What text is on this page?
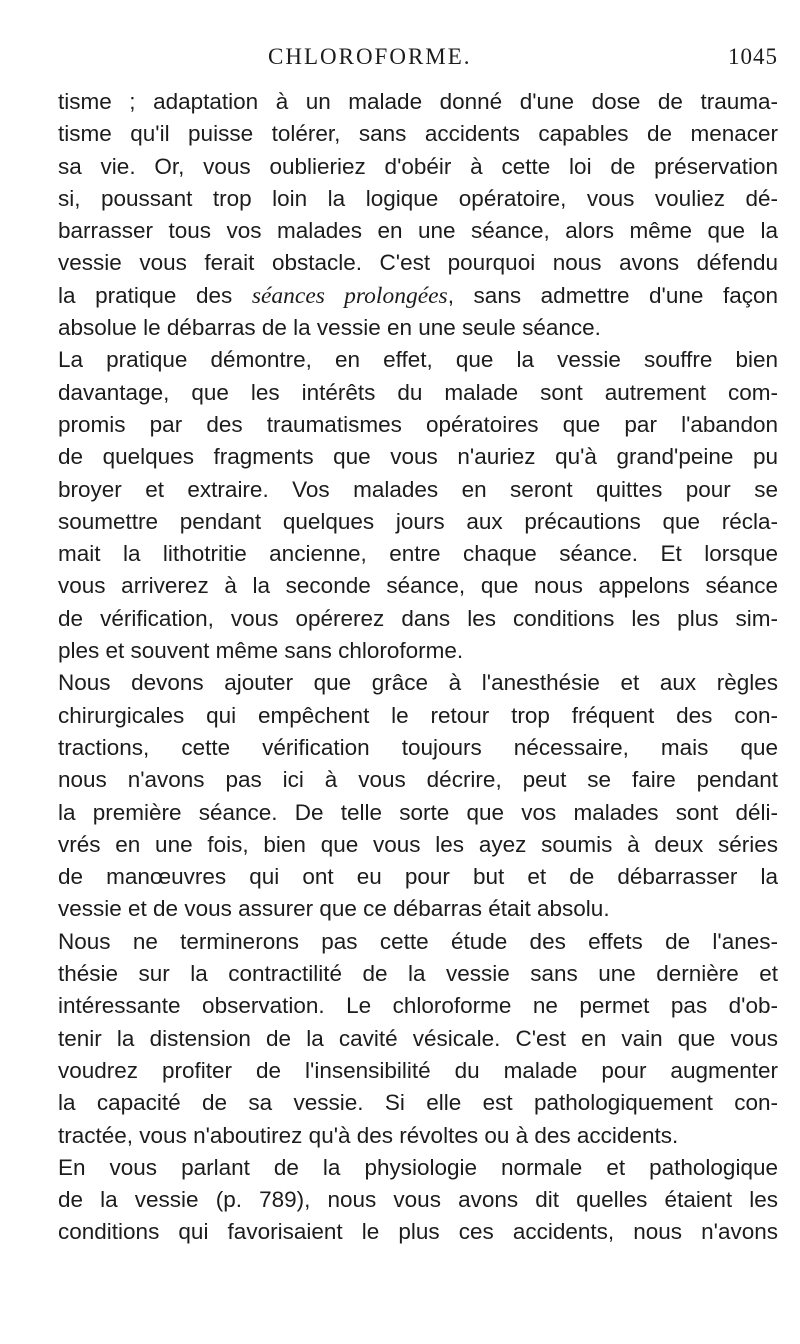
CHLOROFORME.	1045
tisme ; adaptation à un malade donné d'une dose de trauma-
tisme qu'il puisse tolérer, sans accidents capables de menacer
sa vie. Or, vous oublieriez d'obéir à cette loi de préservation
si, poussant trop loin la logique opératoire, vous vouliez dé-
barrasser tous vos malades en une séance, alors même que la
vessie vous ferait obstacle. C'est pourquoi nous avons défendu
la pratique des séances prolongées, sans admettre d'une façon
absolue le débarras de la vessie en une seule séance.
La pratique démontre, en effet, que la vessie souffre bien
davantage, que les intérêts du malade sont autrement com-
promis par des traumatismes opératoires que par l'abandon
de quelques fragments que vous n'auriez qu'à grand'peine pu
broyer et extraire. Vos malades en seront quittes pour se
soumettre pendant quelques jours aux précautions que récla-
mait la lithotritie ancienne, entre chaque séance. Et lorsque
vous arriverez à la seconde séance, que nous appelons séance
de vérification, vous opérerez dans les conditions les plus sim-
ples et souvent même sans chloroforme.
Nous devons ajouter que grâce à l'anesthésie et aux règles
chirurgicales qui empêchent le retour trop fréquent des con-
tractions, cette vérification toujours nécessaire, mais que
nous n'avons pas ici à vous décrire, peut se faire pendant
la première séance. De telle sorte que vos malades sont déli-
vrés en une fois, bien que vous les ayez soumis à deux séries
de manœuvres qui ont eu pour but et de débarrasser la
vessie et de vous assurer que ce débarras était absolu.
Nous ne terminerons pas cette étude des effets de l'anes-
thésie sur la contractilité de la vessie sans une dernière et
intéressante observation. Le chloroforme ne permet pas d'ob-
tenir la distension de la cavité vésicale. C'est en vain que vous
voudrez profiter de l'insensibilité du malade pour augmenter
la capacité de sa vessie. Si elle est pathologiquement con-
tractée, vous n'aboutirez qu'à des révoltes ou à des accidents.
En vous parlant de la physiologie normale et pathologique
de la vessie (p. 789), nous vous avons dit quelles étaient les
conditions qui favorisaient le plus ces accidents, nous n'avons
